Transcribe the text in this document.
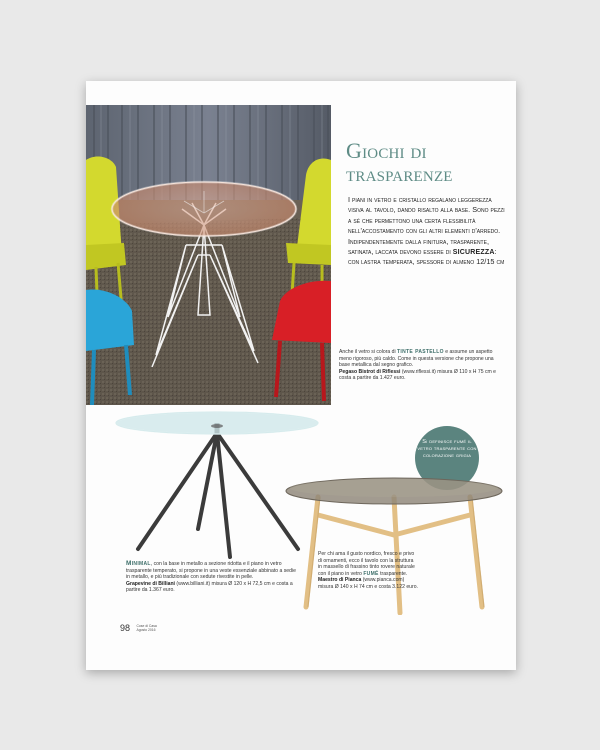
Giochi di trasparenze

I piani in vetro e cristallo regalano leggerezza visiva al tavolo, dando risalto alla base. Sono pezzi a sé che permettono una certa flessibilità nell'accostamento con gli altri elementi d'arredo. Indipendentemente dalla finitura, trasparente, satinata, laccata devono essere di sicurezza: con lastra temperata, spessore di almeno 12/15 cm

Anche il vetro si colora di tinte pastello e assume un aspetto meno rigoroso, più caldo. Come in questa versione che propone una base metallica dal segno grafico.
Pegaso Bistrot di Riflessi (www.riflessi.it) misura Ø 110 x H 75 cm e costa a partire da 1.427 euro.
Minimal, con la base in metallo a sezione ridotta e il piano in vetro trasparente temperato, si propone in una veste essenziale abbinato a sedie in metallo, e più tradizionale con sedute rivestite in pelle.
Grapevine di Billiani (www.billiani.it) misura Ø 120 x H 72,5 cm e costa a partire da 1.367 euro.
Si definisce fumé il vetro trasparente con colorazione grigia
Per chi ama il gusto nordico, fresco e privo di ornamenti, ecco il tavolo con la struttura in massello di frassino tinto rovere naturale con il piano in vetro fumé trasparente.
Maestro di Pianca (www.pianca.com) misura Ø 140 x H 74 cm e costa 3.122 euro.
98 Cose di Casa
Agosto 2016
